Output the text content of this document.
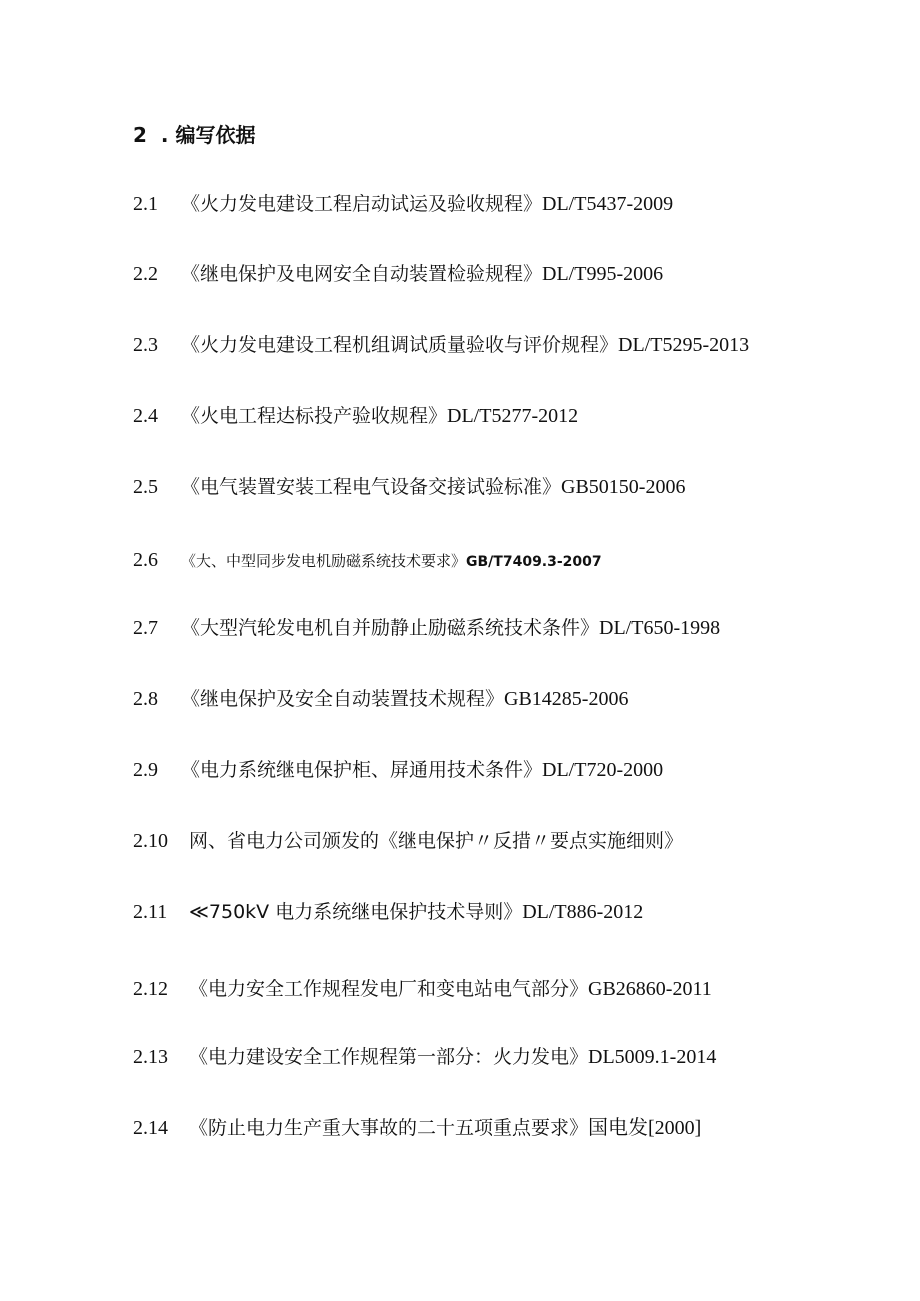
2 . 编写依据
2.1 《火力发电建设工程启动试运及验收规程》DL/T5437-2009
2.2 《继电保护及电网安全自动装置检验规程》DL/T995-2006
2.3 《火力发电建设工程机组调试质量验收与评价规程》DL/T5295-2013
2.4 《火电工程达标投产验收规程》DL/T5277-2012
2.5 《电气装置安装工程电气设备交接试验标准》GB50150-2006
2.6 《大、中型同步发电机励磁系统技术要求》GB/T7409.3-2007
2.7 《大型汽轮发电机自并励静止励磁系统技术条件》DL/T650-1998
2.8 《继电保护及安全自动装置技术规程》GB14285-2006
2.9 《电力系统继电保护柜、屏通用技术条件》DL/T720-2000
2.10 网、省电力公司颁发的《继电保护〃反措〃要点实施细则》
2.11 ≪750kV 电力系统继电保护技术导则》DL/T886-2012
2.12 《电力安全工作规程发电厂和变电站电气部分》GB26860-2011
2.13 《电力建设安全工作规程第一部分：火力发电》DL5009.1-2014
2.14 《防止电力生产重大事故的二十五项重点要求》国电发[2000]
